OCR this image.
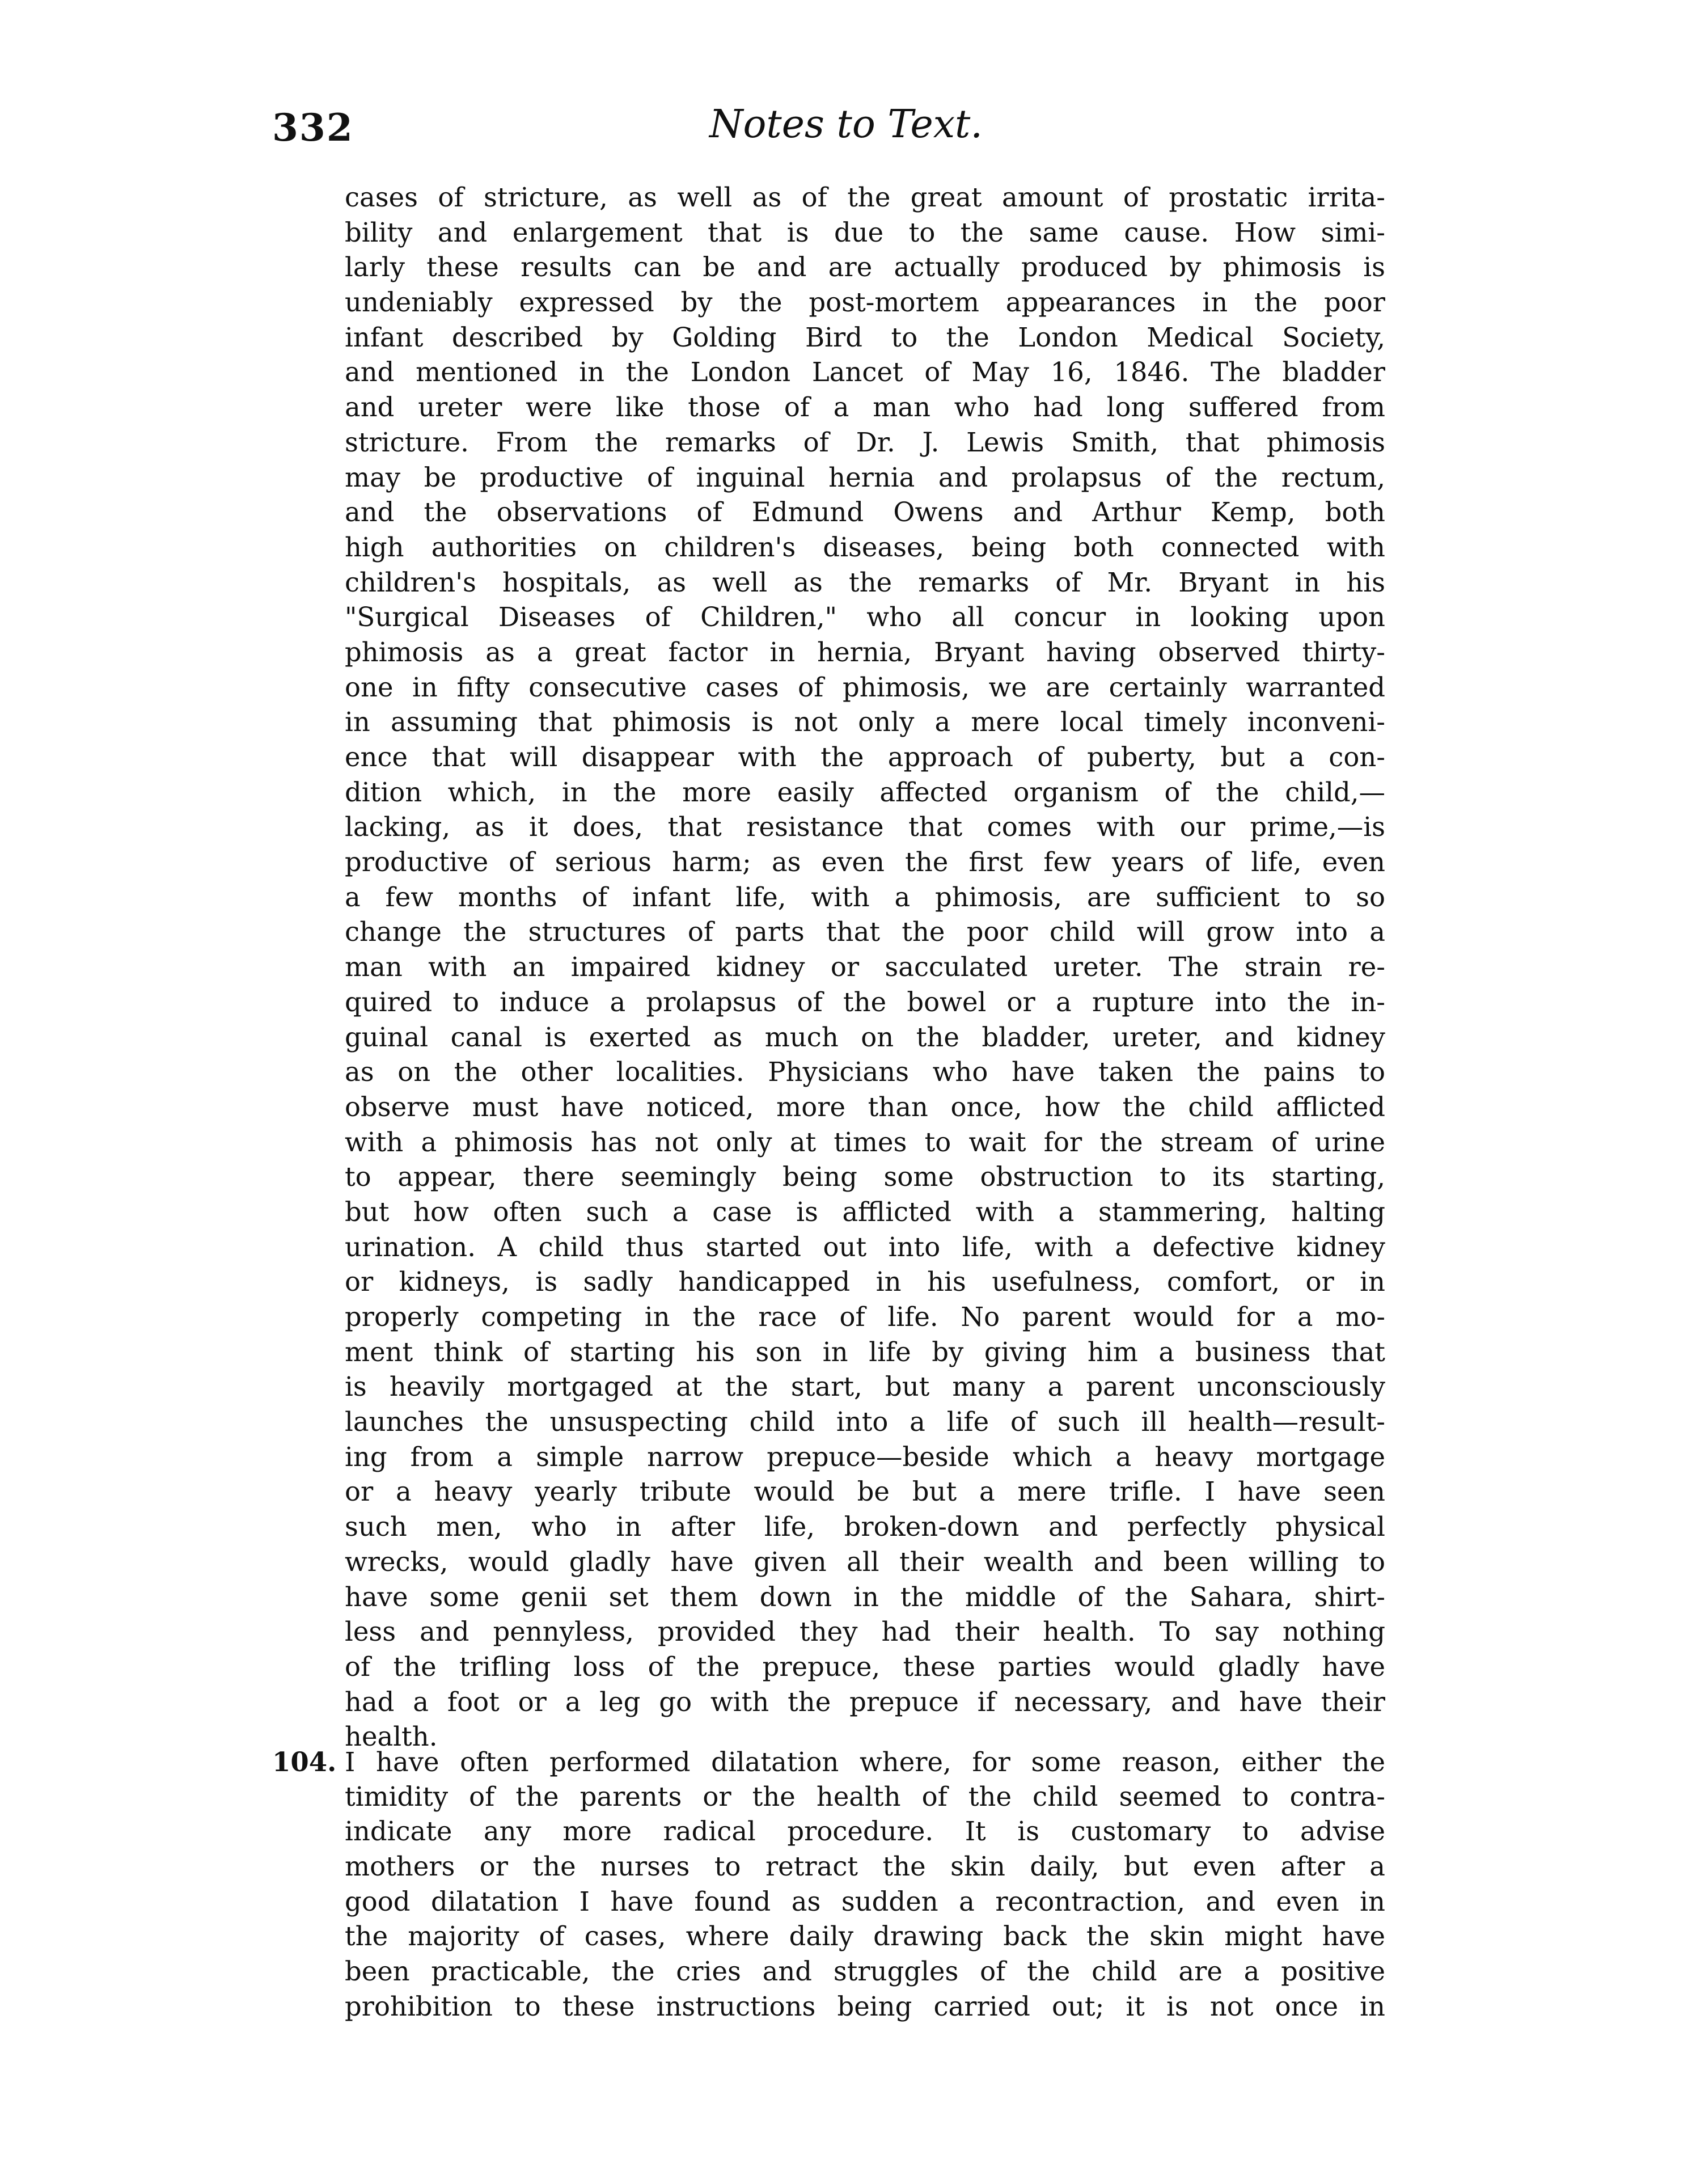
332	Notes to Text.
cases of stricture, as well as of the great amount of prostatic irrita-
bility and enlargement that is due to the same cause. How simi-
larly these results can be and are actually produced by phimosis is
undeniably expressed by the post-mortem appearances in the poor
infant described by Golding Bird to the London Medical Society,
and mentioned in the London Lancet of May 16, 1846. The bladder
and ureter were like those of a man who had long suffered from
stricture. From the remarks of Dr. J. Lewis Smith, that phimosis
may be productive of inguinal hernia and prolapsus of the rectum,
and the observations of Edmund Owens and Arthur Kemp, both
high authorities on children's diseases, being both connected with
children's hospitals, as well as the remarks of Mr. Bryant in his
"Surgical Diseases of Children," who all concur in looking upon
phimosis as a great factor in hernia, Bryant having observed thirty-
one in fifty consecutive cases of phimosis, we are certainly warranted
in assuming that phimosis is not only a mere local timely inconveni-
ence that will disappear with the approach of puberty, but a con-
dition which, in the more easily affected organism of the child,—
lacking, as it does, that resistance that comes with our prime,—is
productive of serious harm; as even the first few years of life, even
a few months of infant life, with a phimosis, are sufficient to so
change the structures of parts that the poor child will grow into a
man with an impaired kidney or sacculated ureter. The strain re-
quired to induce a prolapsus of the bowel or a rupture into the in-
guinal canal is exerted as much on the bladder, ureter, and kidney
as on the other localities. Physicians who have taken the pains to
observe must have noticed, more than once, how the child afflicted
with a phimosis has not only at times to wait for the stream of urine
to appear, there seemingly being some obstruction to its starting,
but how often such a case is afflicted with a stammering, halting
urination. A child thus started out into life, with a defective kidney
or kidneys, is sadly handicapped in his usefulness, comfort, or in
properly competing in the race of life. No parent would for a mo-
ment think of starting his son in life by giving him a business that
is heavily mortgaged at the start, but many a parent unconsciously
launches the unsuspecting child into a life of such ill health—result-
ing from a simple narrow prepuce—beside which a heavy mortgage
or a heavy yearly tribute would be but a mere trifle. I have seen
such men, who in after life, broken-down and perfectly physical
wrecks, would gladly have given all their wealth and been willing to
have some genii set them down in the middle of the Sahara, shirt-
less and pennyless, provided they had their health. To say nothing
of the trifling loss of the prepuce, these parties would gladly have
had a foot or a leg go with the prepuce if necessary, and have their
health.
104. I have often performed dilatation where, for some reason, either the
timidity of the parents or the health of the child seemed to contra-
indicate any more radical procedure. It is customary to advise
mothers or the nurses to retract the skin daily, but even after a
good dilatation I have found as sudden a recontraction, and even in
the majority of cases, where daily drawing back the skin might have
been practicable, the cries and struggles of the child are a positive
prohibition to these instructions being carried out; it is not once in
